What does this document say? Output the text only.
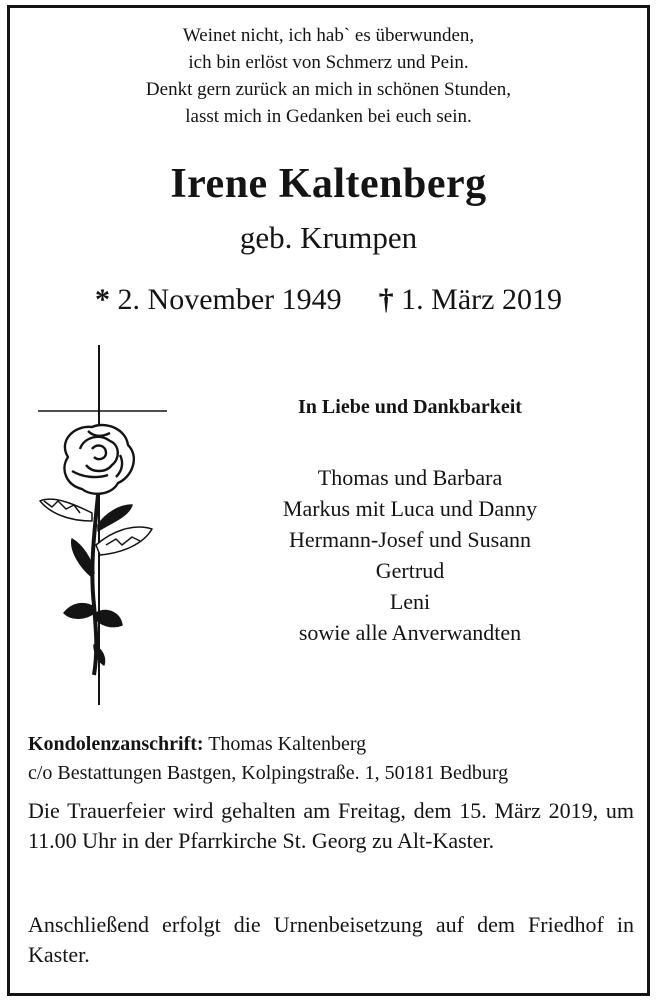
Weinet nicht, ich hab` es überwunden,
ich bin erlöst von Schmerz und Pein.
Denkt gern zurück an mich in schönen Stunden,
lasst mich in Gedanken bei euch sein.
Irene Kaltenberg
geb. Krumpen
* 2. November 1949 † 1. März 2019
In Liebe und Dankbarkeit
Thomas und Barbara
Markus mit Luca und Danny
Hermann-Josef und Susann
Gertrud
Leni
sowie alle Anverwandten
Kondolenzanschrift: Thomas Kaltenberg
c/o Bestattungen Bastgen, Kolpingstraße. 1, 50181 Bedburg
Die Trauerfeier wird gehalten am Freitag, dem 15. März 2019, um 11.00 Uhr in der Pfarrkirche St. Georg zu Alt-Kaster.
Anschließend erfolgt die Urnenbeisetzung auf dem Friedhof in Kaster.
